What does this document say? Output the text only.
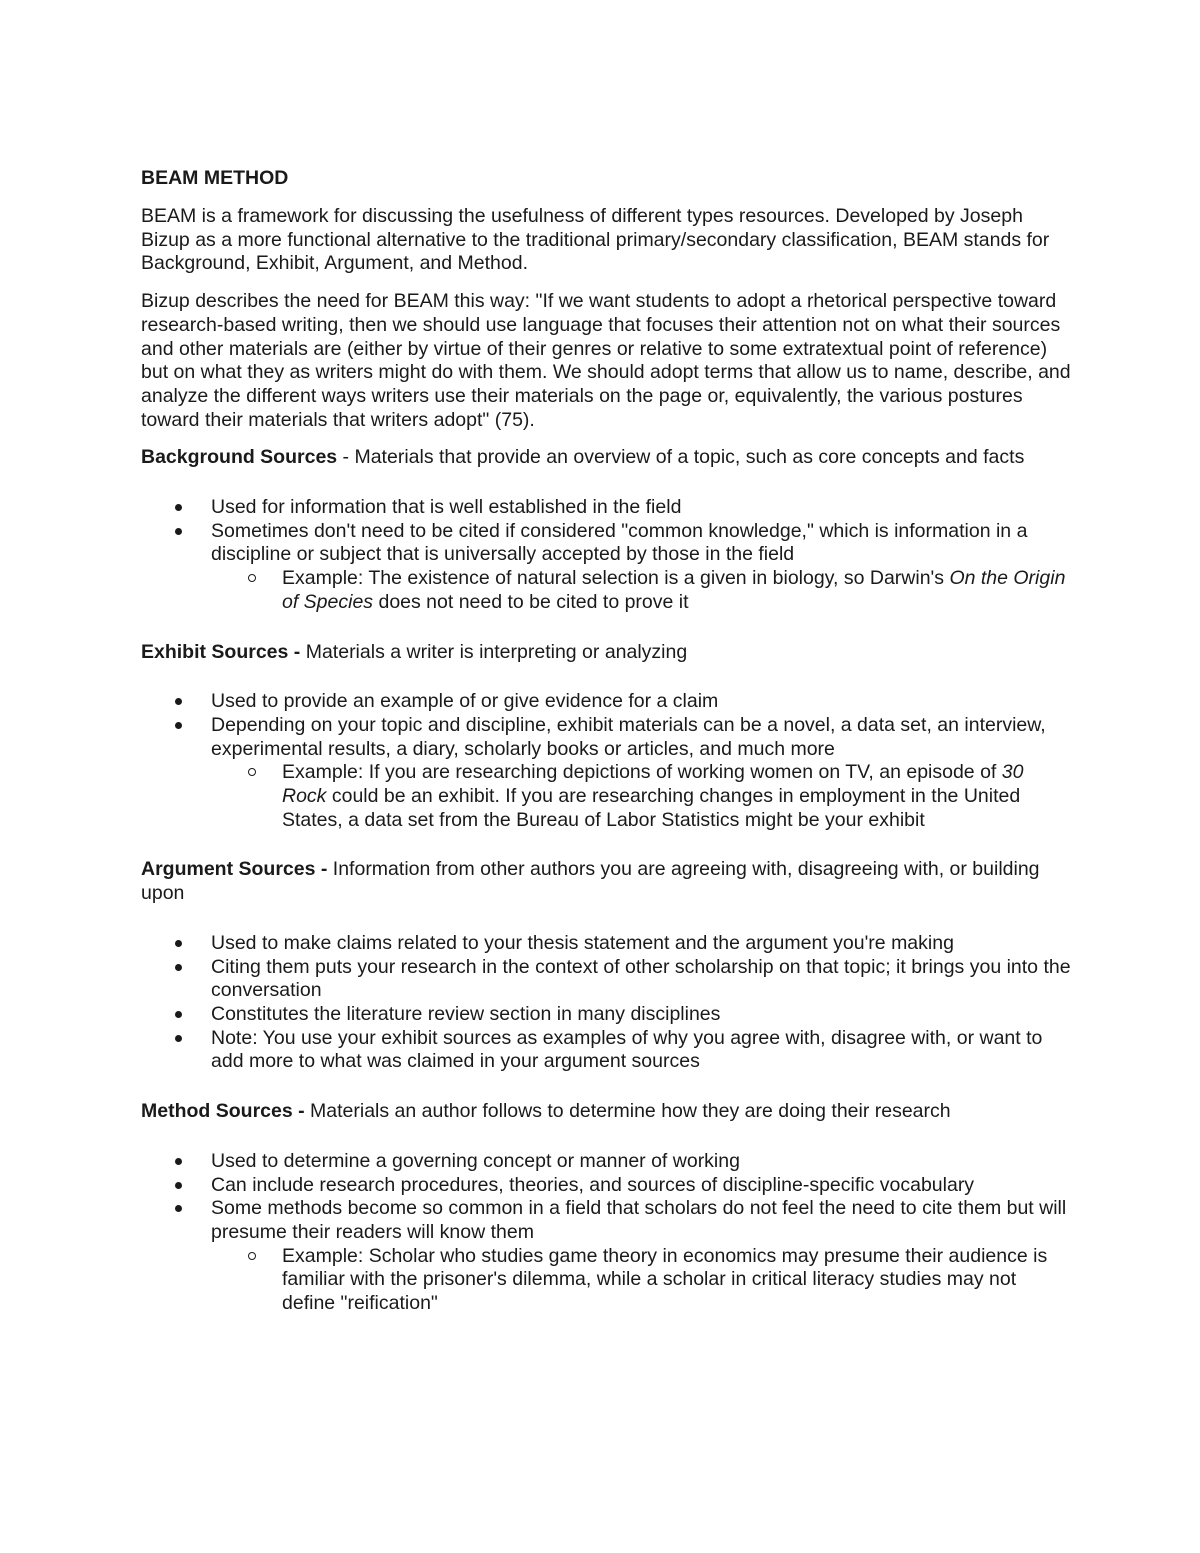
BEAM METHOD

BEAM is a framework for discussing the usefulness of different types resources. Developed by Joseph Bizup as a more functional alternative to the traditional primary/secondary classification, BEAM stands for Background, Exhibit, Argument, and Method.

Bizup describes the need for BEAM this way: "If we want students to adopt a rhetorical perspective toward research-based writing, then we should use language that focuses their attention not on what their sources and other materials are (either by virtue of their genres or relative to some extratextual point of reference) but on what they as writers might do with them. We should adopt terms that allow us to name, describe, and analyze the different ways writers use their materials on the page or, equivalently, the various postures toward their materials that writers adopt" (75).

Background Sources - Materials that provide an overview of a topic, such as core concepts and facts

Used for information that is well established in the field
Sometimes don't need to be cited if considered "common knowledge," which is information in a discipline or subject that is universally accepted by those in the field
Example: The existence of natural selection is a given in biology, so Darwin's On the Origin of Species does not need to be cited to prove it

Exhibit Sources - Materials a writer is interpreting or analyzing

Used to provide an example of or give evidence for a claim
Depending on your topic and discipline, exhibit materials can be a novel, a data set, an interview, experimental results, a diary, scholarly books or articles, and much more
Example: If you are researching depictions of working women on TV, an episode of 30 Rock could be an exhibit. If you are researching changes in employment in the United States, a data set from the Bureau of Labor Statistics might be your exhibit

Argument Sources - Information from other authors you are agreeing with, disagreeing with, or building upon

Used to make claims related to your thesis statement and the argument you're making
Citing them puts your research in the context of other scholarship on that topic; it brings you into the conversation
Constitutes the literature review section in many disciplines
Note: You use your exhibit sources as examples of why you agree with, disagree with, or want to add more to what was claimed in your argument sources

Method Sources - Materials an author follows to determine how they are doing their research

Used to determine a governing concept or manner of working
Can include research procedures, theories, and sources of discipline-specific vocabulary
Some methods become so common in a field that scholars do not feel the need to cite them but will presume their readers will know them
Example: Scholar who studies game theory in economics may presume their audience is familiar with the prisoner's dilemma, while a scholar in critical literacy studies may not define "reification"
